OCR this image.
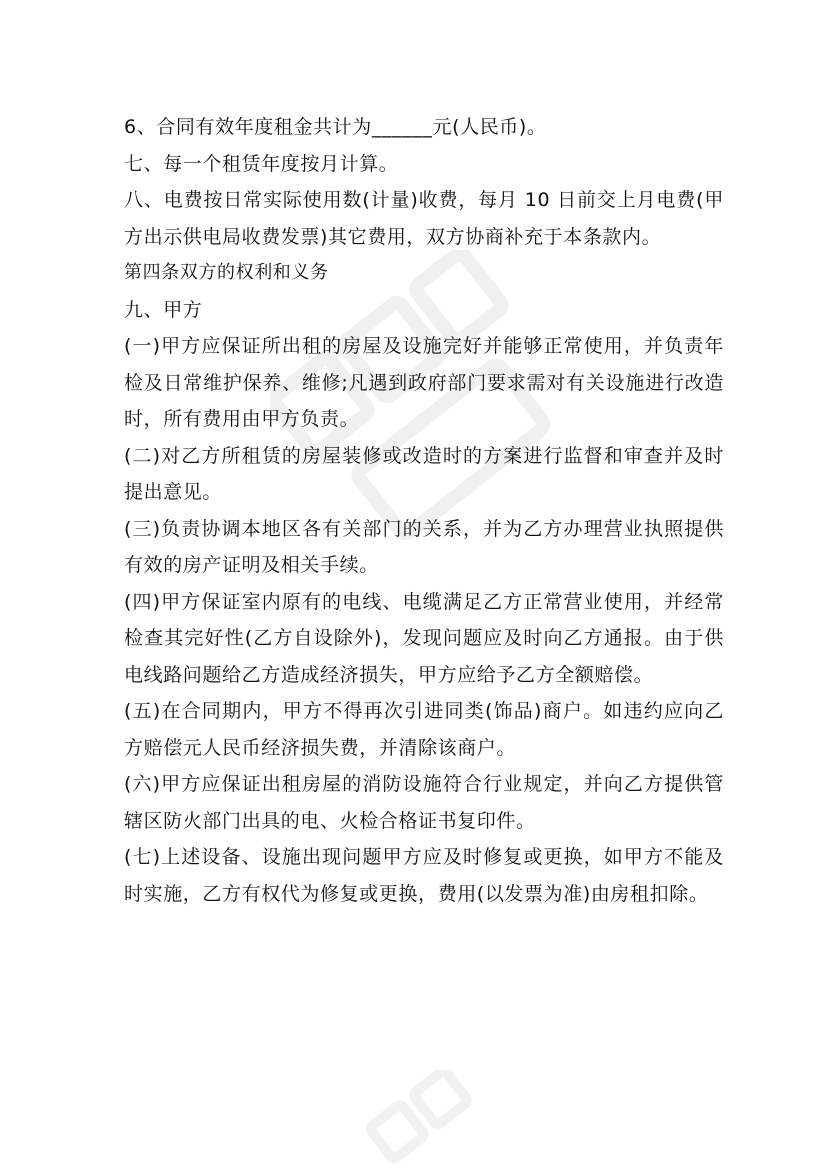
6、合同有效年度租金共计为______元(人民币)。

七、每一个租赁年度按月计算。

八、电费按日常实际使用数(计量)收费，每月 10 日前交上月电费(甲方出示供电局收费发票)其它费用，双方协商补充于本条款内。

第四条双方的权利和义务

九、甲方

(一)甲方应保证所出租的房屋及设施完好并能够正常使用，并负责年检及日常维护保养、维修;凡遇到政府部门要求需对有关设施进行改造时，所有费用由甲方负责。

(二)对乙方所租赁的房屋装修或改造时的方案进行监督和审查并及时提出意见。

(三)负责协调本地区各有关部门的关系，并为乙方办理营业执照提供有效的房产证明及相关手续。

(四)甲方保证室内原有的电线、电缆满足乙方正常营业使用，并经常检查其完好性(乙方自设除外)，发现问题应及时向乙方通报。由于供电线路问题给乙方造成经济损失，甲方应给予乙方全额赔偿。

(五)在合同期内，甲方不得再次引进同类(饰品)商户。如违约应向乙方赔偿元人民币经济损失费，并清除该商户。

(六)甲方应保证出租房屋的消防设施符合行业规定，并向乙方提供管辖区防火部门出具的电、火检合格证书复印件。

(七)上述设备、设施出现问题甲方应及时修复或更换，如甲方不能及时实施，乙方有权代为修复或更换，费用(以发票为准)由房租扣除。
